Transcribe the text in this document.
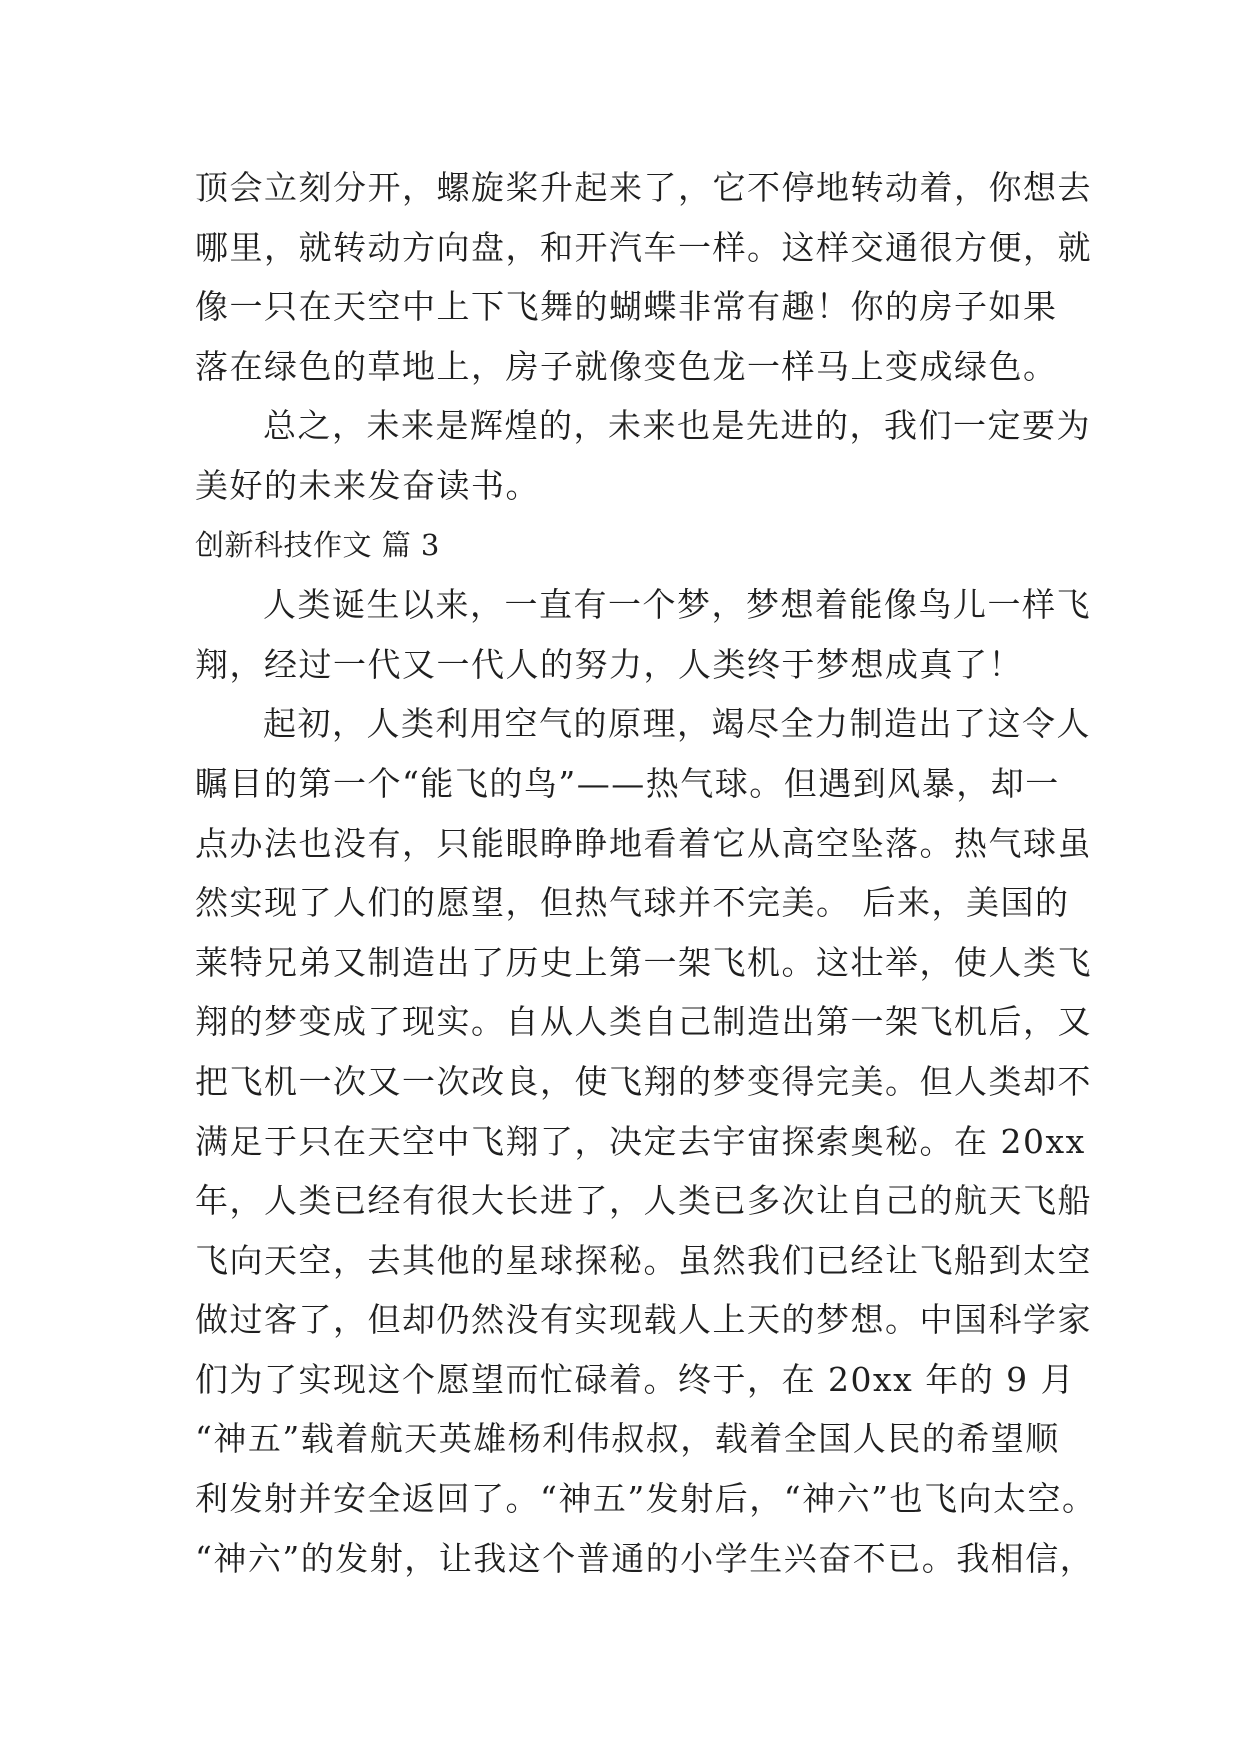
顶会立刻分开，螺旋桨升起来了，它不停地转动着，你想去
哪里，就转动方向盘，和开汽车一样。这样交通很方便，就
像一只在天空中上下飞舞的蝴蝶非常有趣！你的房子如果
落在绿色的草地上，房子就像变色龙一样马上变成绿色。
总之，未来是辉煌的，未来也是先进的，我们一定要为
美好的未来发奋读书。
创新科技作文 篇 3
人类诞生以来，一直有一个梦，梦想着能像鸟儿一样飞
翔，经过一代又一代人的努力，人类终于梦想成真了！
起初，人类利用空气的原理，竭尽全力制造出了这令人
瞩目的第一个“能飞的鸟”——热气球。但遇到风暴，却一
点办法也没有，只能眼睁睁地看着它从高空坠落。热气球虽
然实现了人们的愿望，但热气球并不完美。 后来，美国的
莱特兄弟又制造出了历史上第一架飞机。这壮举，使人类飞
翔的梦变成了现实。自从人类自己制造出第一架飞机后，又
把飞机一次又一次改良，使飞翔的梦变得完美。但人类却不
满足于只在天空中飞翔了，决定去宇宙探索奥秘。在 20xx
年，人类已经有很大长进了，人类已多次让自己的航天飞船
飞向天空，去其他的星球探秘。虽然我们已经让飞船到太空
做过客了，但却仍然没有实现载人上天的梦想。中国科学家
们为了实现这个愿望而忙碌着。终于，在 20xx 年的 9 月
“神五”载着航天英雄杨利伟叔叔，载着全国人民的希望顺
利发射并安全返回了。“神五”发射后，“神六”也飞向太空。
“神六”的发射，让我这个普通的小学生兴奋不已。我相信，
